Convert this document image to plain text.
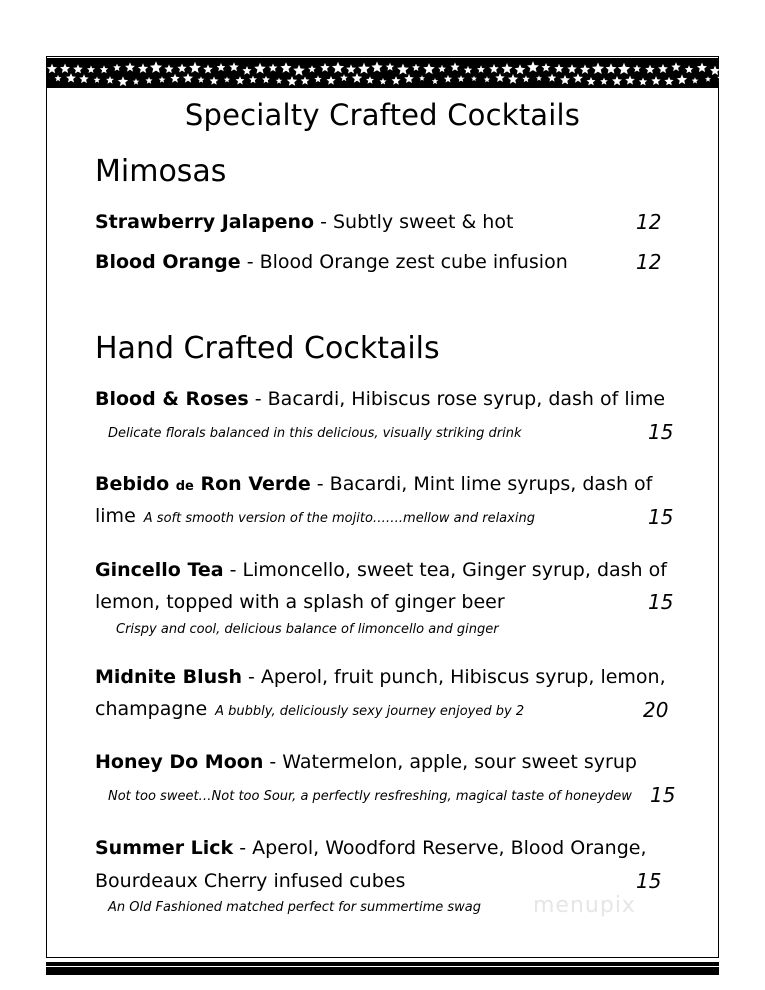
Specialty Crafted Cocktails
Mimosas
Strawberry Jalapeno - Subtly sweet & hot	12
Blood Orange - Blood Orange zest cube infusion	12
Hand Crafted Cocktails
Blood & Roses - Bacardi, Hibiscus rose syrup, dash of lime
Delicate florals balanced in this delicious, visually striking drink	15
Bebido de Ron Verde - Bacardi, Mint lime syrups, dash of
lime A soft smooth version of the mojito…….mellow and relaxing	15
Gincello Tea - Limoncello, sweet tea, Ginger syrup, dash of
lemon, topped with a splash of ginger beer	15
Crispy and cool, delicious balance of limoncello and ginger
Midnite Blush - Aperol, fruit punch, Hibiscus syrup, lemon,
champagne A bubbly, deliciously sexy journey enjoyed by 2	20
Honey Do Moon - Watermelon, apple, sour sweet syrup
Not too sweet…Not too Sour, a perfectly resfreshing, magical taste of honeydew 15
Summer Lick - Aperol, Woodford Reserve, Blood Orange,
Bourdeaux Cherry infused cubes	15
An Old Fashioned matched perfect for summertime swag menupix
